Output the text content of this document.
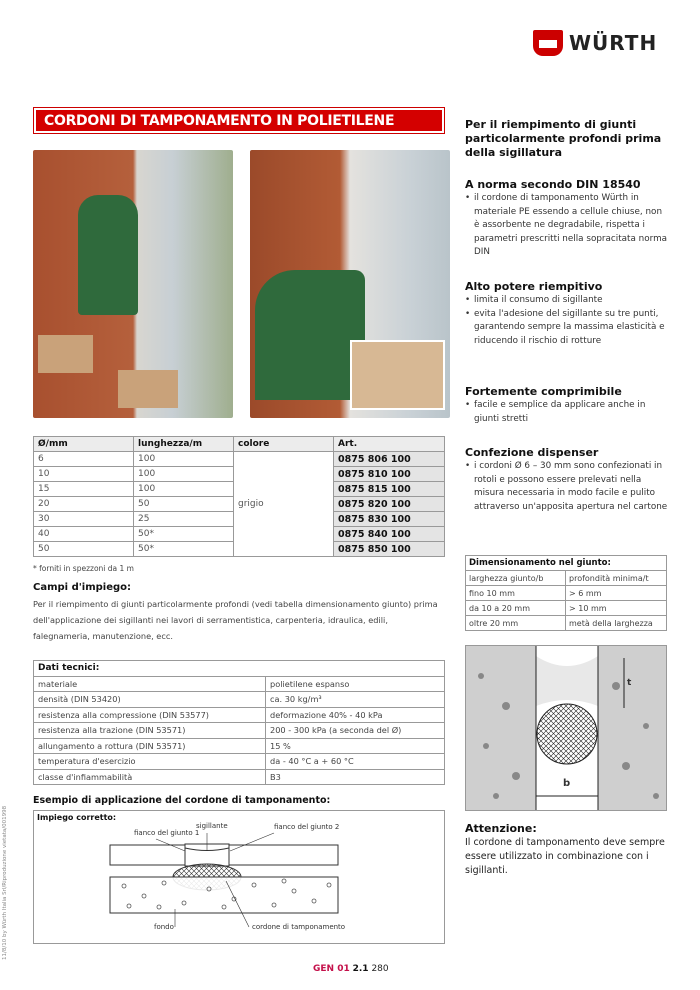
WÜRTH
CORDONI DI TAMPONAMENTO IN POLIETILENE
Ø/mm	lunghezza/m	colore	Art.
6	100	grigio	0875 806 100
10	100		0875 810 100
15	100		0875 815 100
20	50		0875 820 100
30	25		0875 830 100
40	50*		0875 840 100
50	50*		0875 850 100
* forniti in spezzoni da 1 m
Campi d'impiego:

Per il riempimento di giunti particolarmente profondi (vedi tabella dimensionamento giunto) prima dell'applicazione dei sigillanti nei lavori di serramentistica, carpenteria, idraulica, edili, falegnameria, manutenzione, ecc.

Dati tecnici:	
materiale	polietilene espanso
densità (DIN 53420)	ca. 30 kg/m³
resistenza alla compressione (DIN 53577)	deformazione 40% - 40 kPa
resistenza alla trazione (DIN 53571)	200 - 300 kPa (a seconda del Ø)
allungamento a rottura (DIN 53571)	15 %
temperatura d'esercizio	da - 40 °C a + 60 °C
classe d'infiammabilità	B3
Esempio di applicazione del cordone di tamponamento:
Impiego corretto:
fianco del giunto 1
sigillante	fianco del giunto 2
fondo	cordone di tamponamento
Per il riempimento di giunti particolarmente profondi prima della sigillatura
A norma secondo DIN 18540
• il cordone di tamponamento Würth in materiale PE essendo a cellule chiuse, non è assorbente ne degradabile, rispetta i parametri prescritti nella sopracitata norma DIN
Alto potere riempitivo
• limita il consumo di sigillante
• evita l'adesione del sigillante su tre punti, garantendo sempre la massima elasticità e riducendo il rischio di rotture
Fortemente comprimibile
• facile e semplice da applicare anche in giunti stretti
Confezione dispenser
• i cordoni Ø 6 – 30 mm sono confezionati in rotoli e possono essere prelevati nella misura necessaria in modo facile e pulito attraverso un'apposita apertura nel cartone
Dimensionamento nel giunto:	
larghezza giunto/b	profondità minima/t
fino 10 mm	> 6 mm
da 10 a 20 mm	> 10 mm
oltre 20 mm	metà della larghezza
b
t
Attenzione:

Il cordone di tamponamento deve sempre essere utilizzato in combinazione con i sigillanti.

GEN 01 2.1 280
11/8/10 by Würth Italia Srl/Riproduzione vietata/001998
